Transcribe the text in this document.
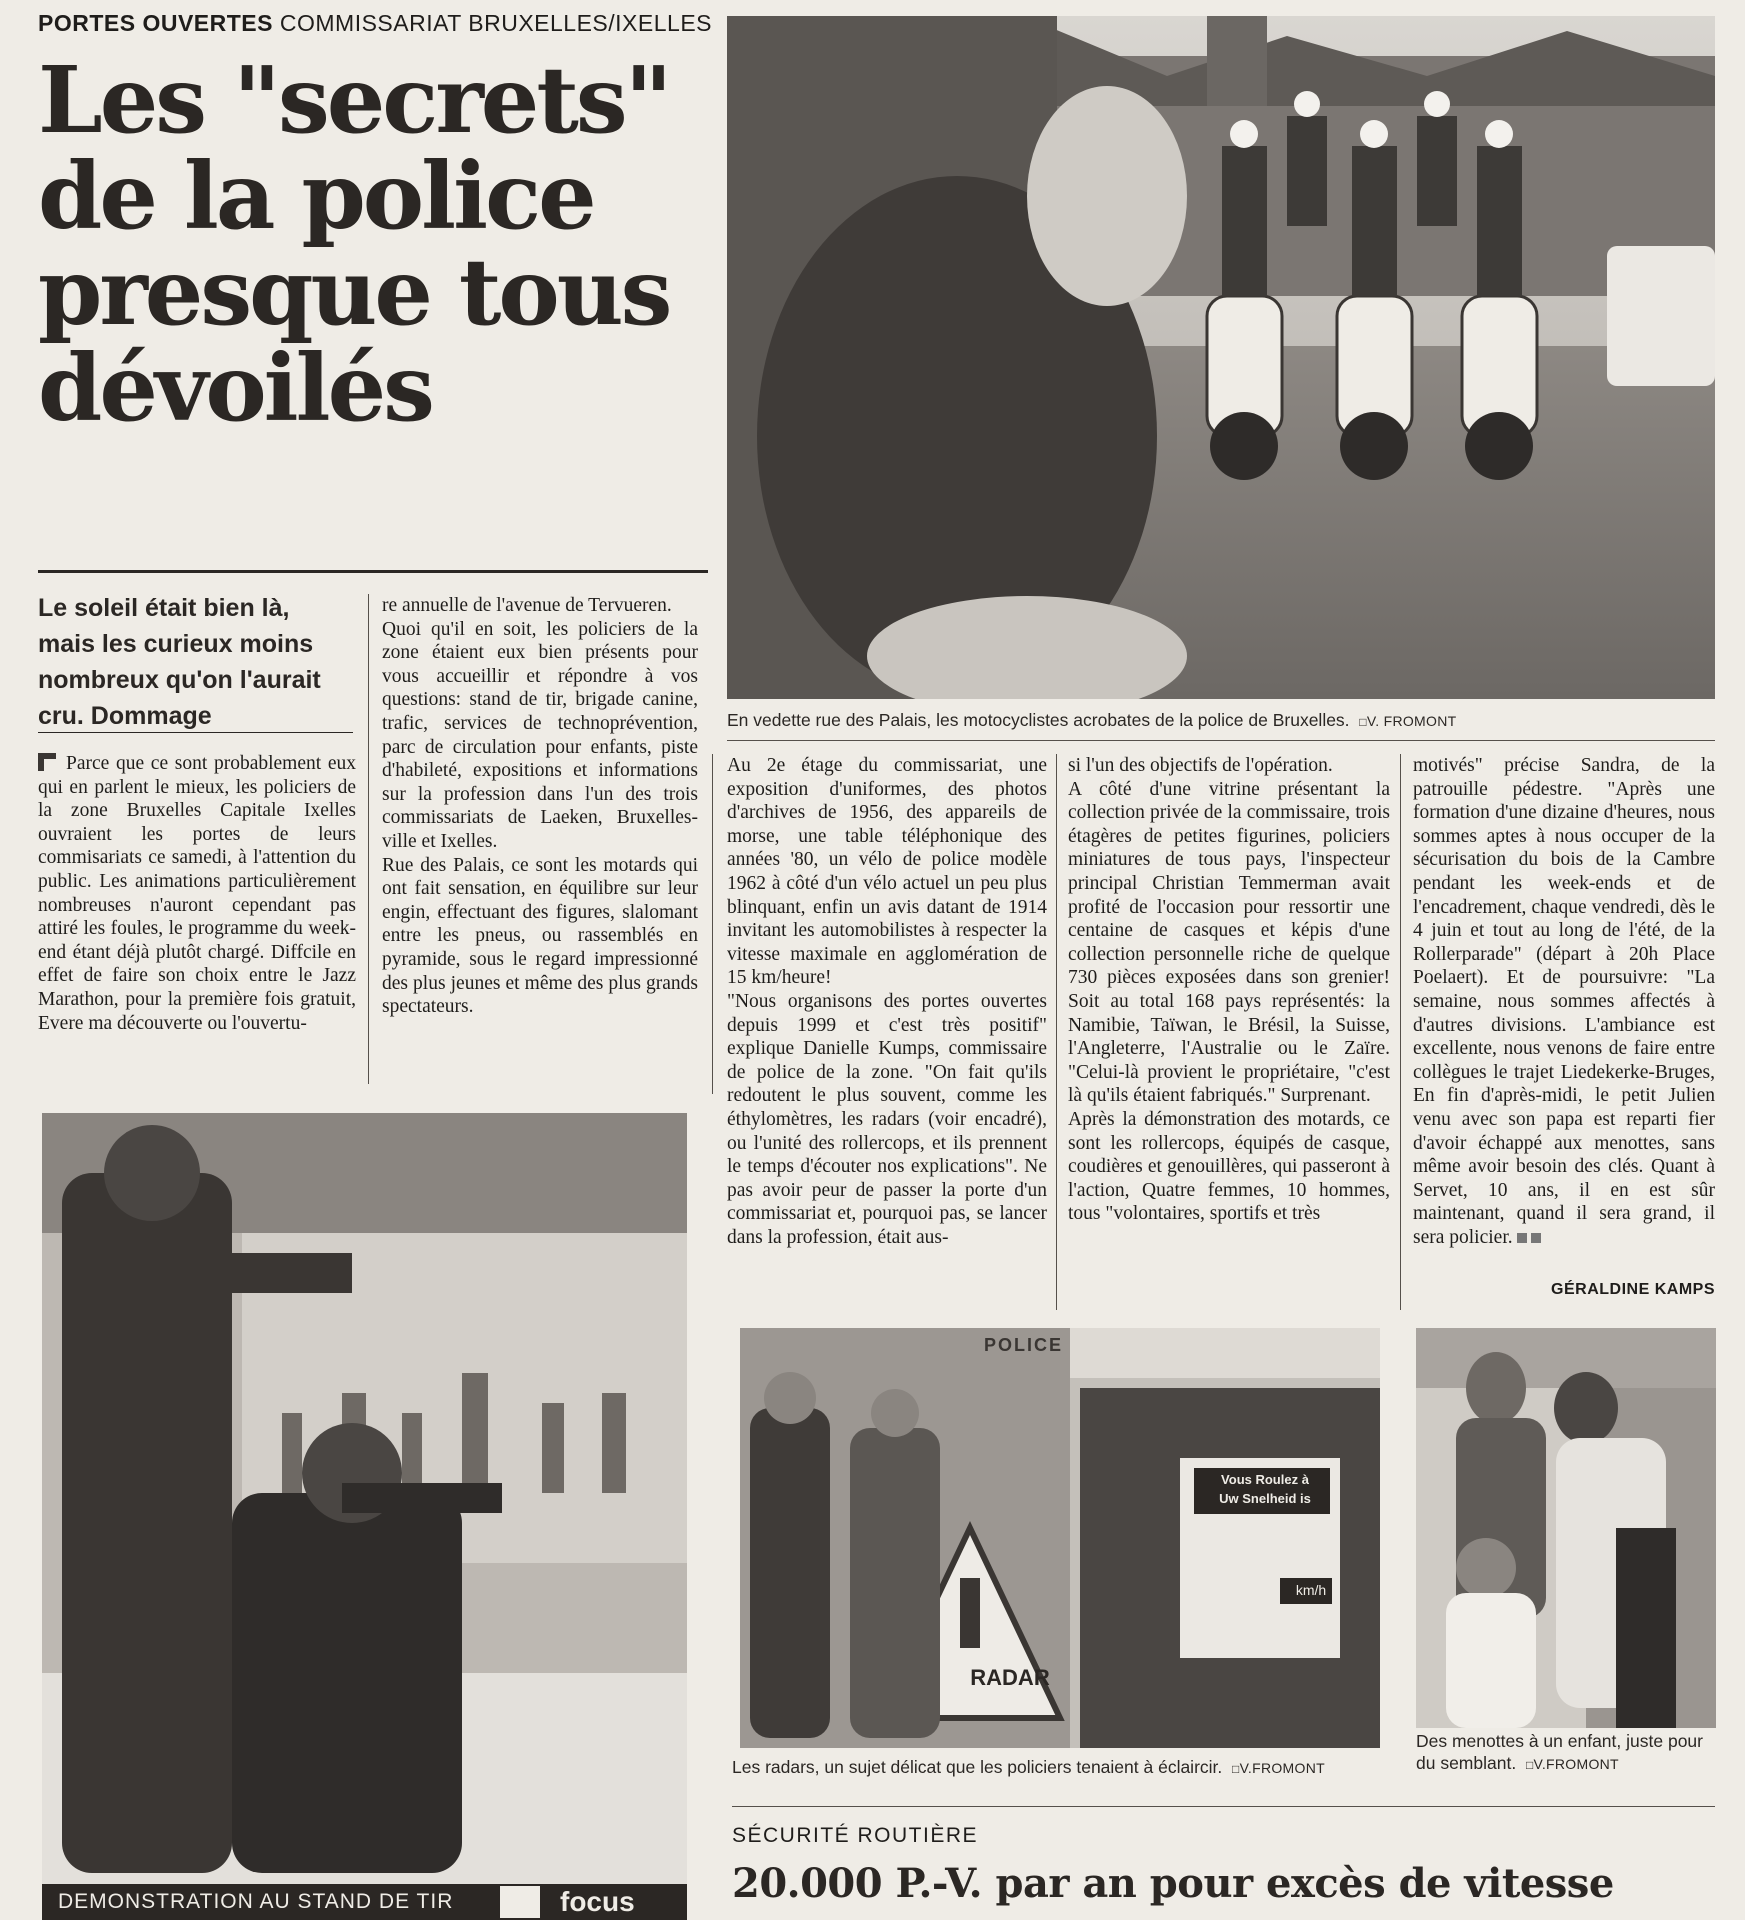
PORTES OUVERTES COMMISSARIAT BRUXELLES/IXELLES
Les "secrets"
de la police
presque tous
dévoilés
Le soleil était bien là, mais les curieux moins nombreux qu'on l'aurait cru. Dommage

Parce que ce sont probablement eux qui en parlent le mieux, les policiers de la zone Bruxelles Capitale Ixelles ouvraient les portes de leurs commisariats ce samedi, à l'attention du public. Les animations particulièrement nombreuses n'auront cependant pas attiré les foules, le programme du week-end étant déjà plutôt chargé. Diffcile en effet de faire son choix entre le Jazz Marathon, pour la première fois gratuit, Evere ma découverte ou l'ouvertu-

re annuelle de l'avenue de Tervueren.

Quoi qu'il en soit, les policiers de la zone étaient eux bien présents pour vous accueillir et répondre à vos questions: stand de tir, brigade canine, trafic, services de technoprévention, parc de circulation pour enfants, piste d'habileté, expositions et informations sur la profession dans l'un des trois commissariats de Laeken, Bruxelles-ville et Ixelles.

Rue des Palais, ce sont les motards qui ont fait sensation, en équilibre sur leur engin, effectuant des figures, slalomant entre les pneus, ou rassemblés en pyramide, sous le regard impressionné des plus jeunes et même des plus grands spectateurs.

Au 2e étage du commissariat, une exposition d'uniformes, des photos d'archives de 1956, des appareils de morse, une table téléphonique des années '80, un vélo de police modèle 1962 à côté d'un vélo actuel un peu plus blinquant, enfin un avis datant de 1914 invitant les automobilistes à respecter la vitesse maximale en agglomération de 15 km/heure!

"Nous organisons des portes ouvertes depuis 1999 et c'est très positif" explique Danielle Kumps, commissaire de police de la zone. "On fait qu'ils redoutent le plus souvent, comme les éthylomètres, les radars (voir encadré), ou l'unité des rollercops, et ils prennent le temps d'écouter nos explications". Ne pas avoir peur de passer la porte d'un commissariat et, pourquoi pas, se lancer dans la profession, était aus-

si l'un des objectifs de l'opération.

A côté d'une vitrine présentant la collection privée de la commissaire, trois étagères de petites figurines, policiers miniatures de tous pays, l'inspecteur principal Christian Temmerman avait profité de l'occasion pour ressortir une centaine de casques et képis d'une collection personnelle riche de quelque 730 pièces exposées dans son grenier! Soit au total 168 pays représentés: la Namibie, Taïwan, le Brésil, la Suisse, l'Angleterre, l'Australie ou le Zaïre. "Celui-là provient le propriétaire, "c'est là qu'ils étaient fabriqués." Surprenant.

Après la démonstration des motards, ce sont les rollercops, équipés de casque, coudières et genouillères, qui passeront à l'action, Quatre femmes, 10 hommes, tous "volontaires, sportifs et très

motivés" précise Sandra, de la patrouille pédestre. "Après une formation d'une dizaine d'heures, nous sommes aptes à nous occuper de la sécurisation du bois de la Cambre pendant les week-ends et de l'encadrement, chaque vendredi, dès le 4 juin et tout au long de l'été, de la Rollerparade" (départ à 20h Place Poelaert). Et de poursuivre: "La semaine, nous sommes affectés à d'autres divisions. L'ambiance est excellente, nous venons de faire entre collègues le trajet Liedekerke-Bruges, En fin d'après-midi, le petit Julien venu avec son papa est reparti fier d'avoir échappé aux menottes, sans même avoir besoin des clés. Quant à Servet, 10 ans, il en est sûr maintenant, quand il sera grand, il sera policier.

GÉRALDINE KAMPS
En vedette rue des Palais, les motocyclistes acrobates de la police de Bruxelles. □ V. FROMONT
DEMONSTRATION AU STAND DE TIR	focus
POLICE
Vous Roulez à
Uw Snelheid is
km/h
RADAR
Les radars, un sujet délicat que les policiers tenaient à éclaircir. □ V.FROMONT
Des menottes à un enfant, juste pour du semblant. □ V.FROMONT
SÉCURITÉ ROUTIÈRE
20.000 P.-V. par an pour excès de vitesse
